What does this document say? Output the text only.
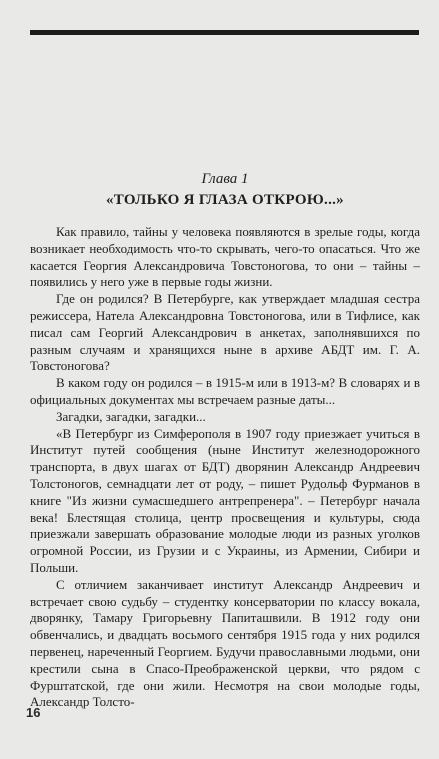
Глава 1
«ТОЛЬКО Я ГЛАЗА ОТКРОЮ...»

Как правило, тайны у человека появляются в зрелые годы, когда возникает необходимость что-то скрывать, чего-то опасаться. Что же касается Георгия Александровича Товстоногова, то они – тайны – появились у него уже в первые годы жизни.

Где он родился? В Петербурге, как утверждает младшая сестра режиссера, Натела Александровна Товстоногова, или в Тифлисе, как писал сам Георгий Александрович в анкетах, заполнявшихся по разным случаям и хранящихся ныне в архиве АБДТ им. Г. А. Товстоногова?

В каком году он родился – в 1915-м или в 1913-м? В словарях и в официальных документах мы встречаем разные даты...

Загадки, загадки, загадки...

«В Петербург из Симферополя в 1907 году приезжает учиться в Институт путей сообщения (ныне Институт железнодорожного транспорта, в двух шагах от БДТ) дворянин Александр Андреевич Толстоногов, семнадцати лет от роду, – пишет Рудольф Фурманов в книге "Из жизни сумасшедшего антрепренера". – Петербург начала века! Блестящая столица, центр просвещения и культуры, сюда приезжали завершать образование молодые люди из разных уголков огромной России, из Грузии и с Украины, из Армении, Сибири и Польши.

С отличием заканчивает институт Александр Андреевич и встречает свою судьбу – студентку консерватории по классу вокала, дворянку, Тамару Григорьевну Папиташвили. В 1912 году они обвенчались, и двадцать восьмого сентября 1915 года у них родился первенец, нареченный Георгием. Будучи православными людьми, они крестили сына в Спасо-Преображенской церкви, что рядом с Фурштатской, где они жили. Несмотря на свои молодые годы, Александр Толсто-

16
